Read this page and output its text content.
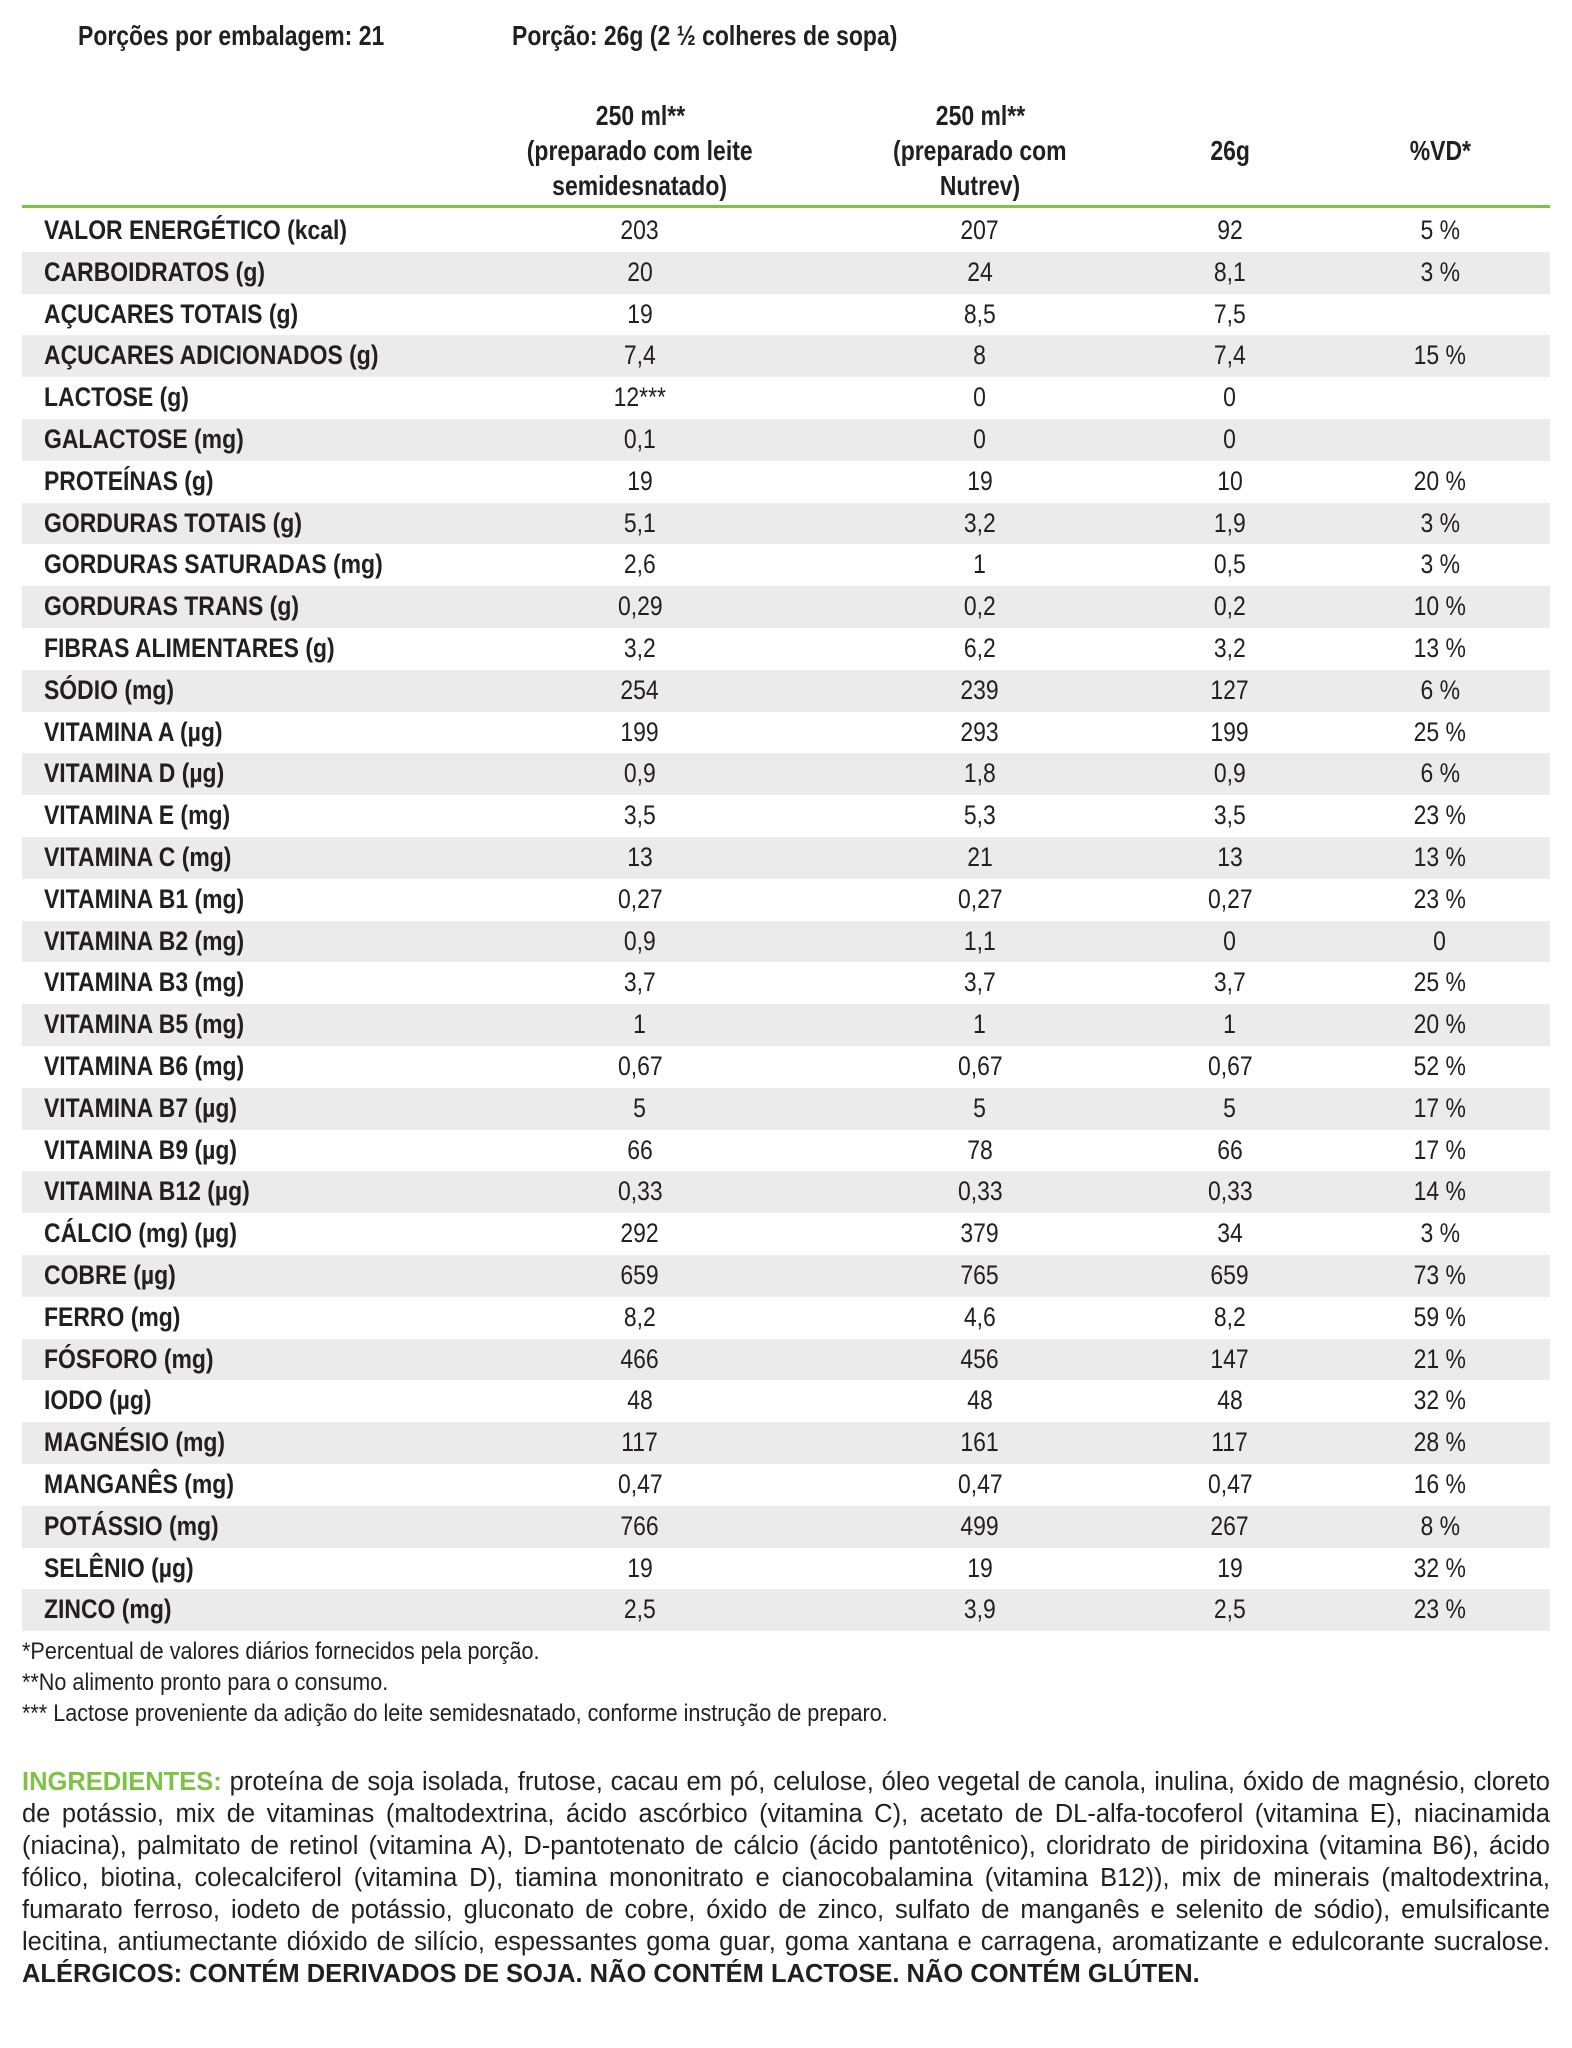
Porções por embalagem: 21	Porção: 26g (2 ½ colheres de sopa)
250 ml**
(preparado com leite
semidesnatado)
250 ml**
(preparado com
Nutrev)
26g	%VD*
VALOR ENERGÉTICO (kcal)	203	207	92	5 %
CARBOIDRATOS (g)	20	24	8,1	3 %
AÇUCARES TOTAIS (g)	19	8,5	7,5
AÇUCARES ADICIONADOS (g)	7,4	8	7,4	15 %
LACTOSE (g)	12***	0	0
GALACTOSE (mg)	0,1	0	0
PROTEÍNAS (g)	19	19	10	20 %
GORDURAS TOTAIS (g)	5,1	3,2	1,9	3 %
GORDURAS SATURADAS (mg)	2,6	1	0,5	3 %
GORDURAS TRANS (g)	0,29	0,2	0,2	10 %
FIBRAS ALIMENTARES (g)	3,2	6,2	3,2	13 %
SÓDIO (mg)	254	239	127	6 %
VITAMINA A (µg)	199	293	199	25 %
VITAMINA D (µg)	0,9	1,8	0,9	6 %
VITAMINA E (mg)	3,5	5,3	3,5	23 %
VITAMINA C (mg)	13	21	13	13 %
VITAMINA B1 (mg)	0,27	0,27	0,27	23 %
VITAMINA B2 (mg)	0,9	1,1	0	0
VITAMINA B3 (mg)	3,7	3,7	3,7	25 %
VITAMINA B5 (mg)	1	1	1	20 %
VITAMINA B6 (mg)	0,67	0,67	0,67	52 %
VITAMINA B7 (µg)	5	5	5	17 %
VITAMINA B9 (µg)	66	78	66	17 %
VITAMINA B12 (µg)	0,33	0,33	0,33	14 %
CÁLCIO (mg) (µg)	292	379	34	3 %
COBRE (µg)	659	765	659	73 %
FERRO (mg)	8,2	4,6	8,2	59 %
FÓSFORO (mg)	466	456	147	21 %
IODO (µg)	48	48	48	32 %
MAGNÉSIO (mg)	117	161	117	28 %
MANGANÊS (mg)	0,47	0,47	0,47	16 %
POTÁSSIO (mg)	766	499	267	8 %
SELÊNIO (µg)	19	19	19	32 %
ZINCO (mg)	2,5	3,9	2,5	23 %
*Percentual de valores diários fornecidos pela porção.
**No alimento pronto para o consumo.
*** Lactose proveniente da adição do leite semidesnatado, conforme instrução de preparo.
INGREDIENTES: proteína de soja isolada, frutose, cacau em pó, celulose, óleo vegetal de canola, inulina, óxido de magnésio, cloreto de potássio, mix de vitaminas (maltodextrina, ácido ascórbico (vitamina C), acetato de DL-alfa-tocoferol (vitamina E), niacinamida (niacina), palmitato de retinol (vitamina A), D-pantotenato de cálcio (ácido pantotênico), cloridrato de piridoxina (vitamina B6), ácido fólico, biotina, colecalciferol (vitamina D), tiamina mononitrato e cianocobalamina (vitamina B12)), mix de minerais (maltodextrina, fumarato ferroso, iodeto de potássio, gluconato de cobre, óxido de zinco, sulfato de manganês e selenito de sódio), emulsificante lecitina, antiumectante dióxido de silício, espessantes goma guar, goma xantana e carragena, aromatizante e edulcorante sucralose. ALÉRGICOS: CONTÉM DERIVADOS DE SOJA. NÃO CONTÉM LACTOSE. NÃO CONTÉM GLÚTEN.
